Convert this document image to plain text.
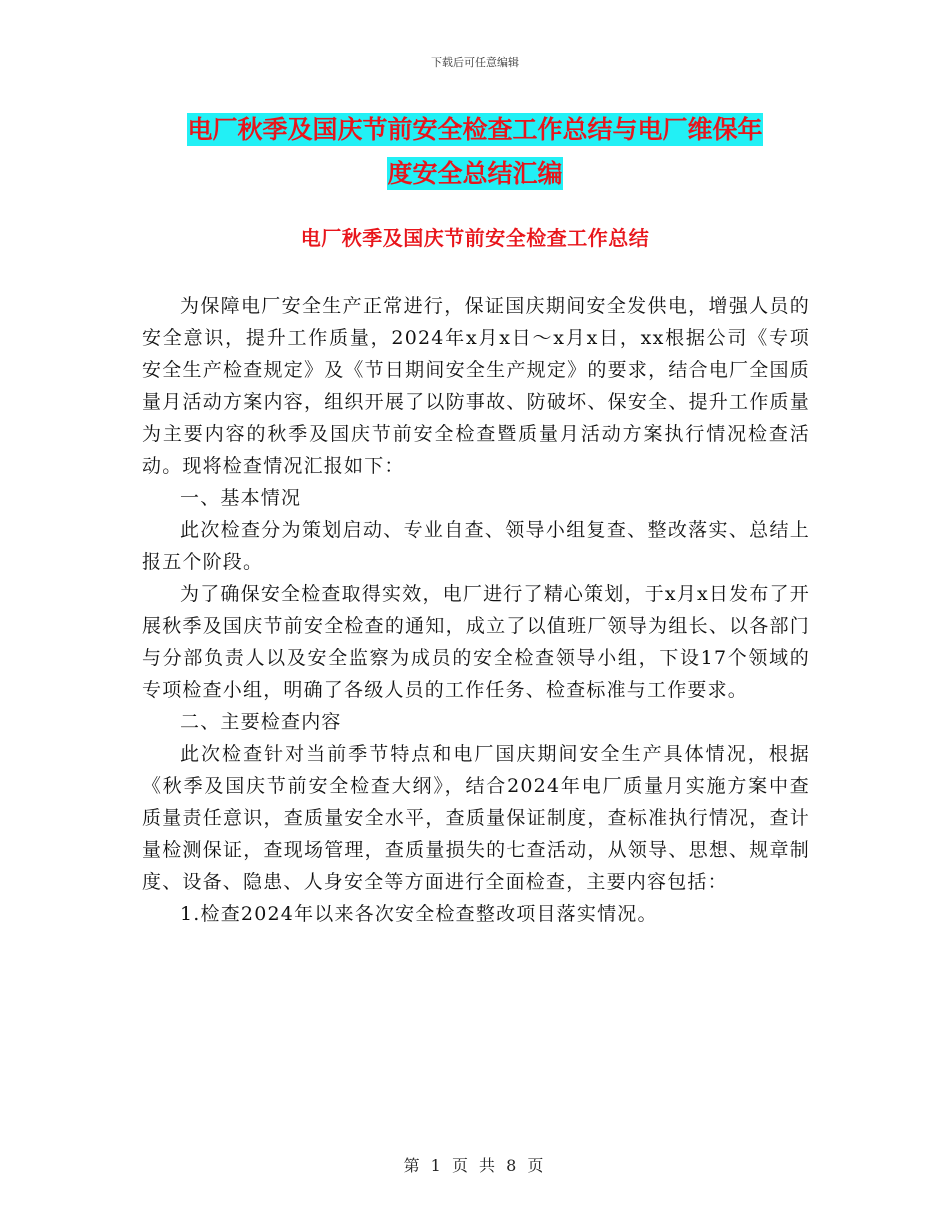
下载后可任意编辑
电厂秋季及国庆节前安全检查工作总结与电厂维保年
度安全总结汇编
电厂秋季及国庆节前安全检查工作总结

为保障电厂安全生产正常进行，保证国庆期间安全发供电，增强人员的安全意识，提升工作质量，2024年x月x日～x月x日，xx根据公司《专项安全生产检查规定》及《节日期间安全生产规定》的要求，结合电厂全国质量月活动方案内容，组织开展了以防事故、防破坏、保安全、提升工作质量为主要内容的秋季及国庆节前安全检查暨质量月活动方案执行情况检查活动。现将检查情况汇报如下：

一、基本情况

此次检查分为策划启动、专业自查、领导小组复查、整改落实、总结上报五个阶段。

为了确保安全检查取得实效，电厂进行了精心策划，于x月x日发布了开展秋季及国庆节前安全检查的通知，成立了以值班厂领导为组长、以各部门与分部负责人以及安全监察为成员的安全检查领导小组，下设17个领域的专项检查小组，明确了各级人员的工作任务、检查标准与工作要求。

二、主要检查内容

此次检查针对当前季节特点和电厂国庆期间安全生产具体情况，根据《秋季及国庆节前安全检查大纲》，结合2024年电厂质量月实施方案中查质量责任意识，查质量安全水平，查质量保证制度，查标准执行情况，查计量检测保证，查现场管理，查质量损失的七查活动，从领导、思想、规章制度、设备、隐患、人身安全等方面进行全面检查，主要内容包括：

1.检查2024年以来各次安全检查整改项目落实情况。

第 1 页 共 8 页
